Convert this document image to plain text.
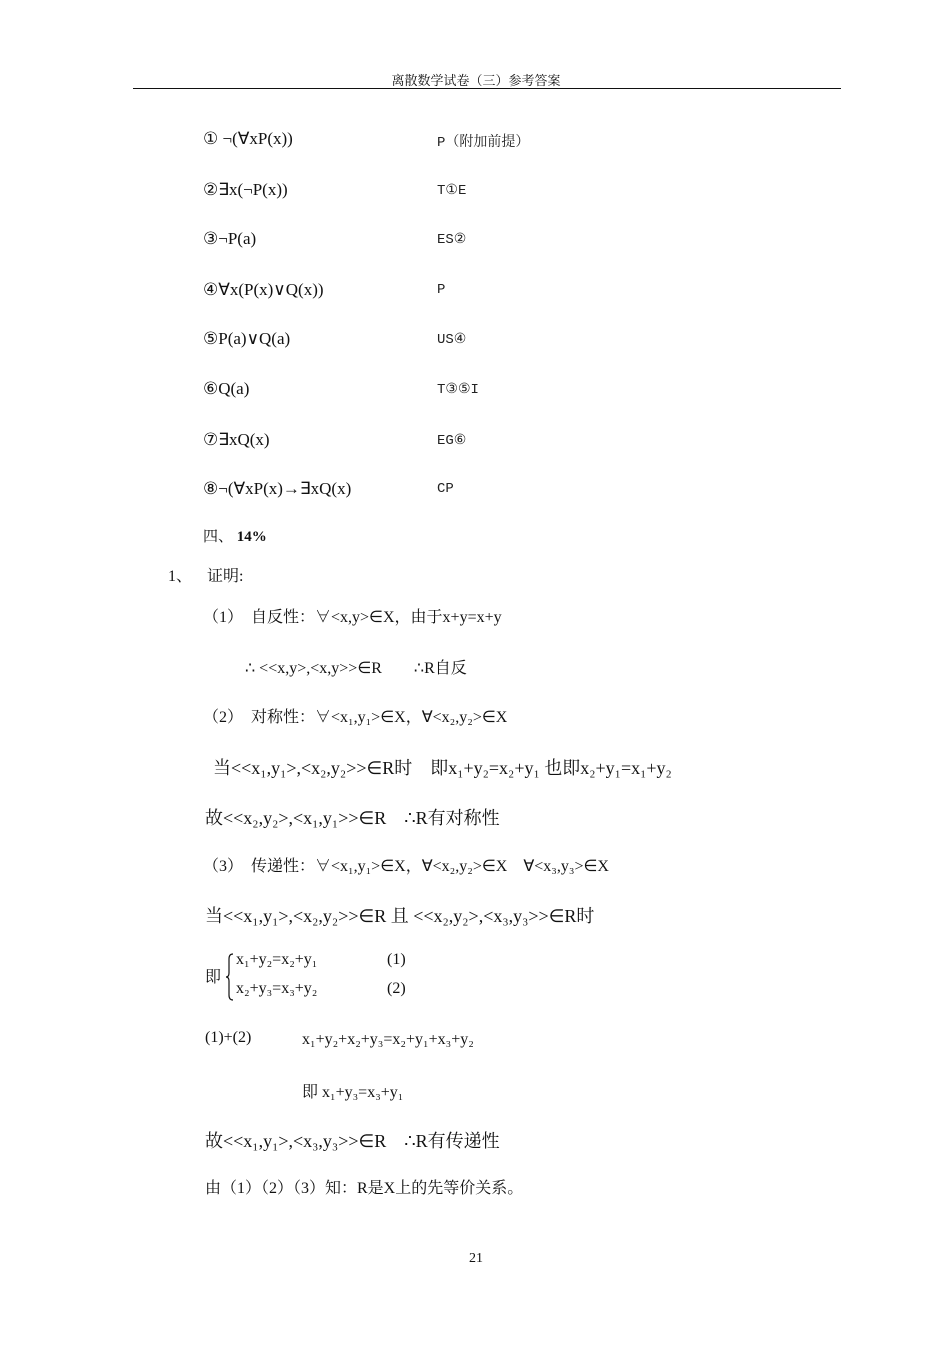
离散数学试卷（三）参考答案
① ¬(∀xP(x))	P（附加前提）
②∃x(¬P(x))	T①E
③¬P(a)	ES②
④∀x(P(x)∨Q(x))	P
⑤P(a)∨Q(a)	US④
⑥Q(a)	T③⑤I
⑦∃xQ(x)	EG⑥
⑧¬(∀xP(x)→∃xQ(x)	CP
四、 14%
1、 证明:
（1）　自反性：∀<x,y>∈X，由于x+y=x+y
∴ <<x,y>,<x,y>>∈R　　∴R自反
（2）　对称性：∀<x₁,y₁>∈X，∀<x₂,y₂>∈X
当<<x₁,y₁>,<x₂,y₂>>∈R时　即x₁+y₂=x₂+y₁ 也即x₂+y₁=x₁+y₂
故<<x₂,y₂>,<x₁,y₁>>∈R　∴R有对称性
（3）　传递性：∀<x₁,y₁>∈X，∀<x₂,y₂>∈X　∀<x₃,y₃>∈X
当<<x₁,y₁>,<x₂,y₂>>∈R 且 <<x₂,y₂>,<x₃,y₃>>∈R时
即
x₁+y₂=x₂+y₁	(1)
x₂+y₃=x₃+y₂	(2)
(1)+(2)	x₁+y₂+x₂+y₃=x₂+y₁+x₃+y₂
即 x₁+y₃=x₃+y₁
故<<x₁,y₁>,<x₃,y₃>>∈R　∴R有传递性
由（1）（2）（3）知：R是X上的先等价关系。
21
